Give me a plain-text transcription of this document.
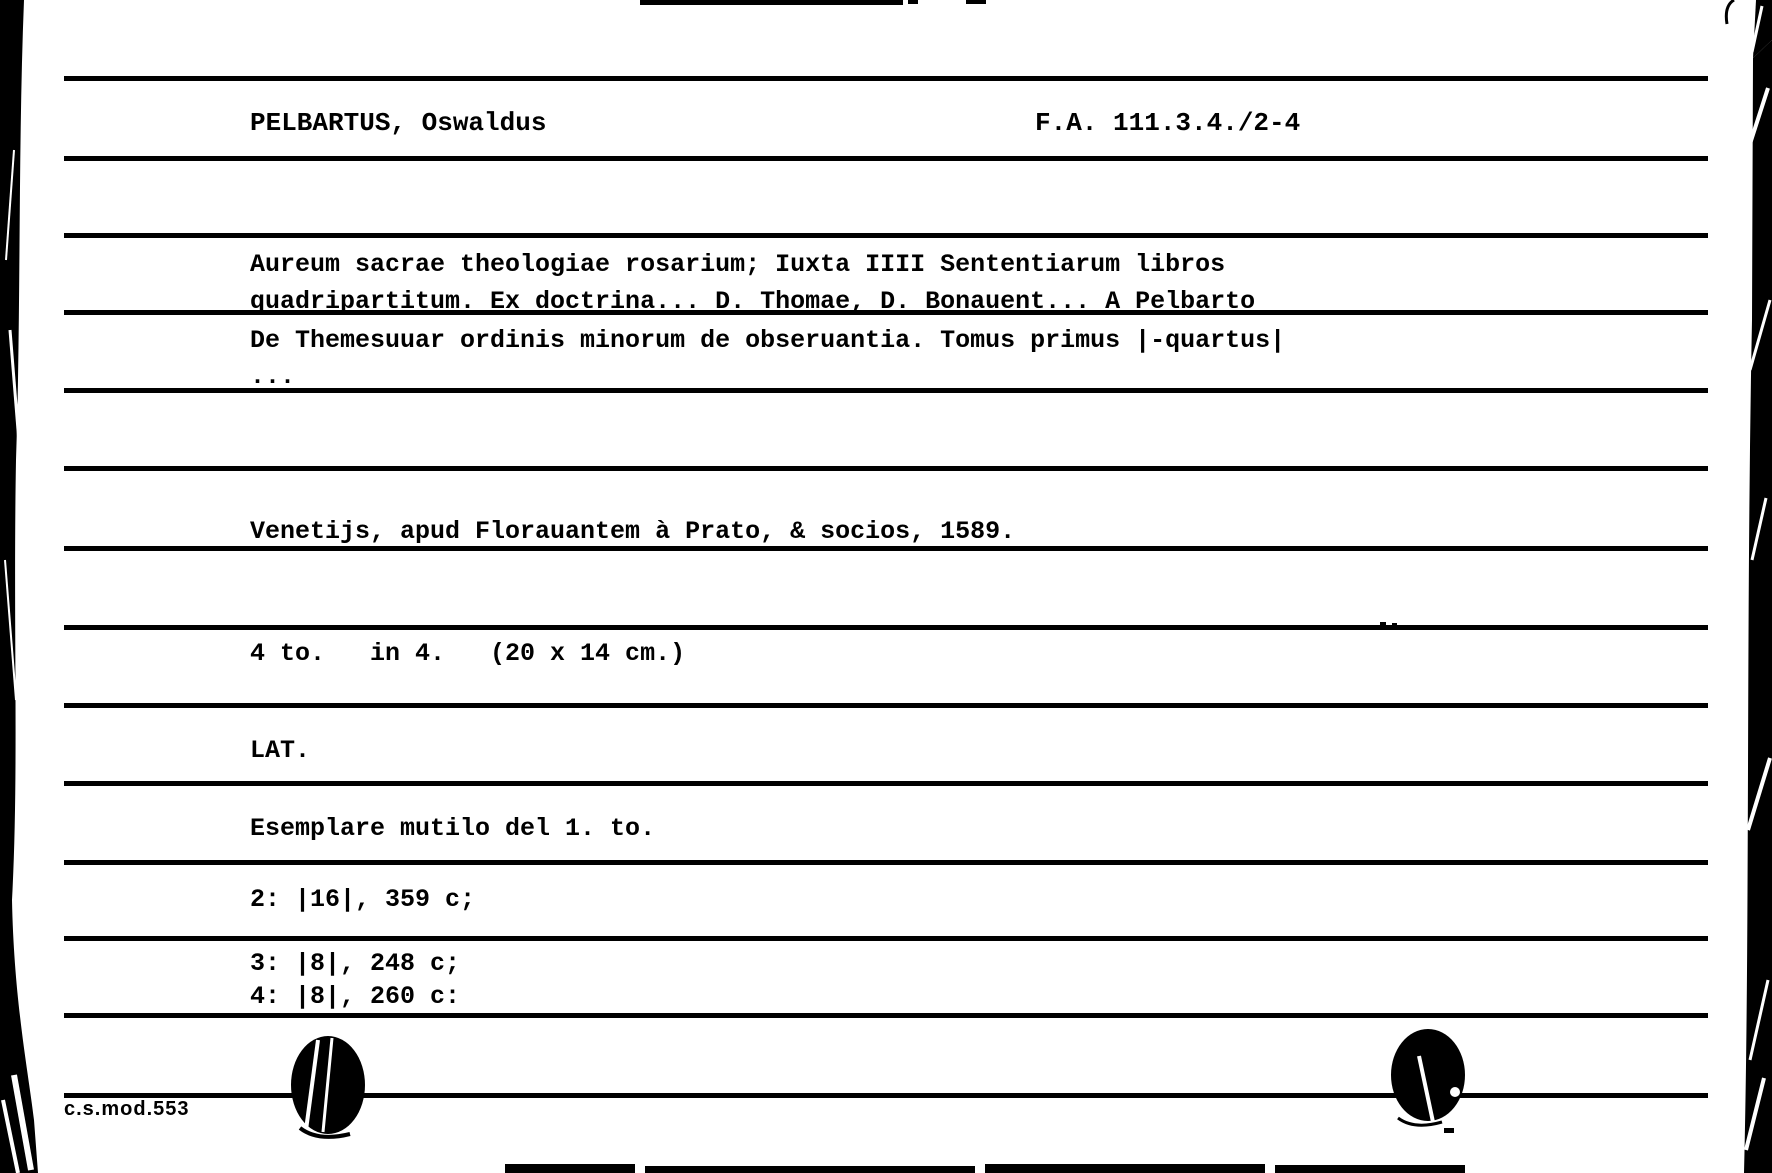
PELBARTUS, Oswaldus	F.A. 111.3.4./2-4
Aureum sacrae theologiae rosarium; Iuxta IIII Sententiarum libros
quadripartitum. Ex doctrina... D. Thomae, D. Bonauent... A Pelbarto
De Themesuuar ordinis minorum de obseruantia. Tomus primus |-quartus|
...
Venetijs, apud Florauantem à Prato, & socios, 1589.
4 to.   in 4.   (20 x 14 cm.)
LAT.
Esemplare mutilo del 1. to.
2: |16|, 359 c;
3: |8|, 248 c;
4: |8|, 260 c:
c.s.mod.553
